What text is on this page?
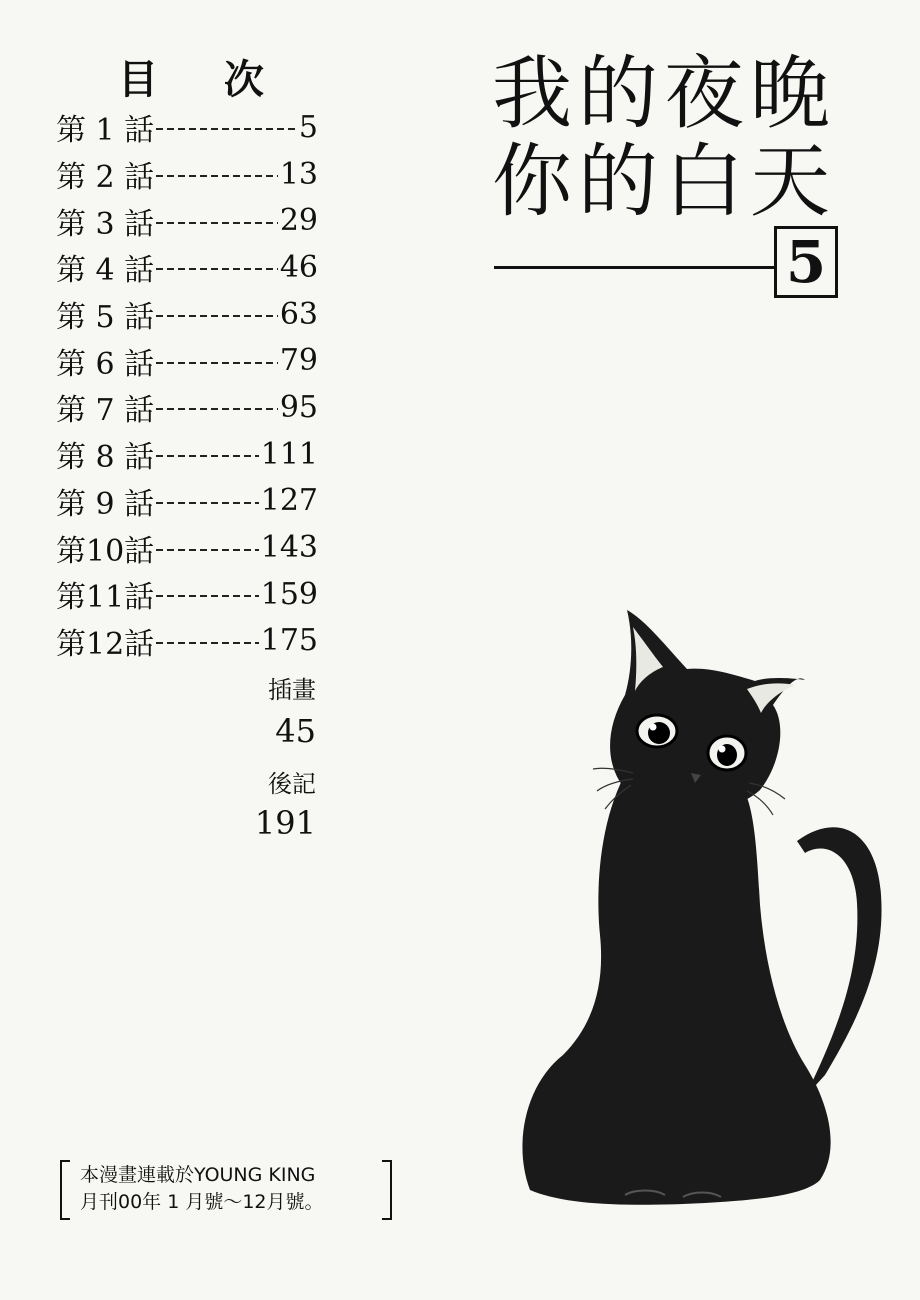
目 次
第 1 話	5
第 2 話	13
第 3 話	29
第 4 話	46
第 5 話	63
第 6 話	79
第 7 話	95
第 8 話	111
第 9 話	127
第10話	143
第11話	159
第12話	175
插畫
45
後記
191
我的夜晚
你的白天
5
本漫畫連載於YOUNG KING
月刊00年 1 月號～12月號。
